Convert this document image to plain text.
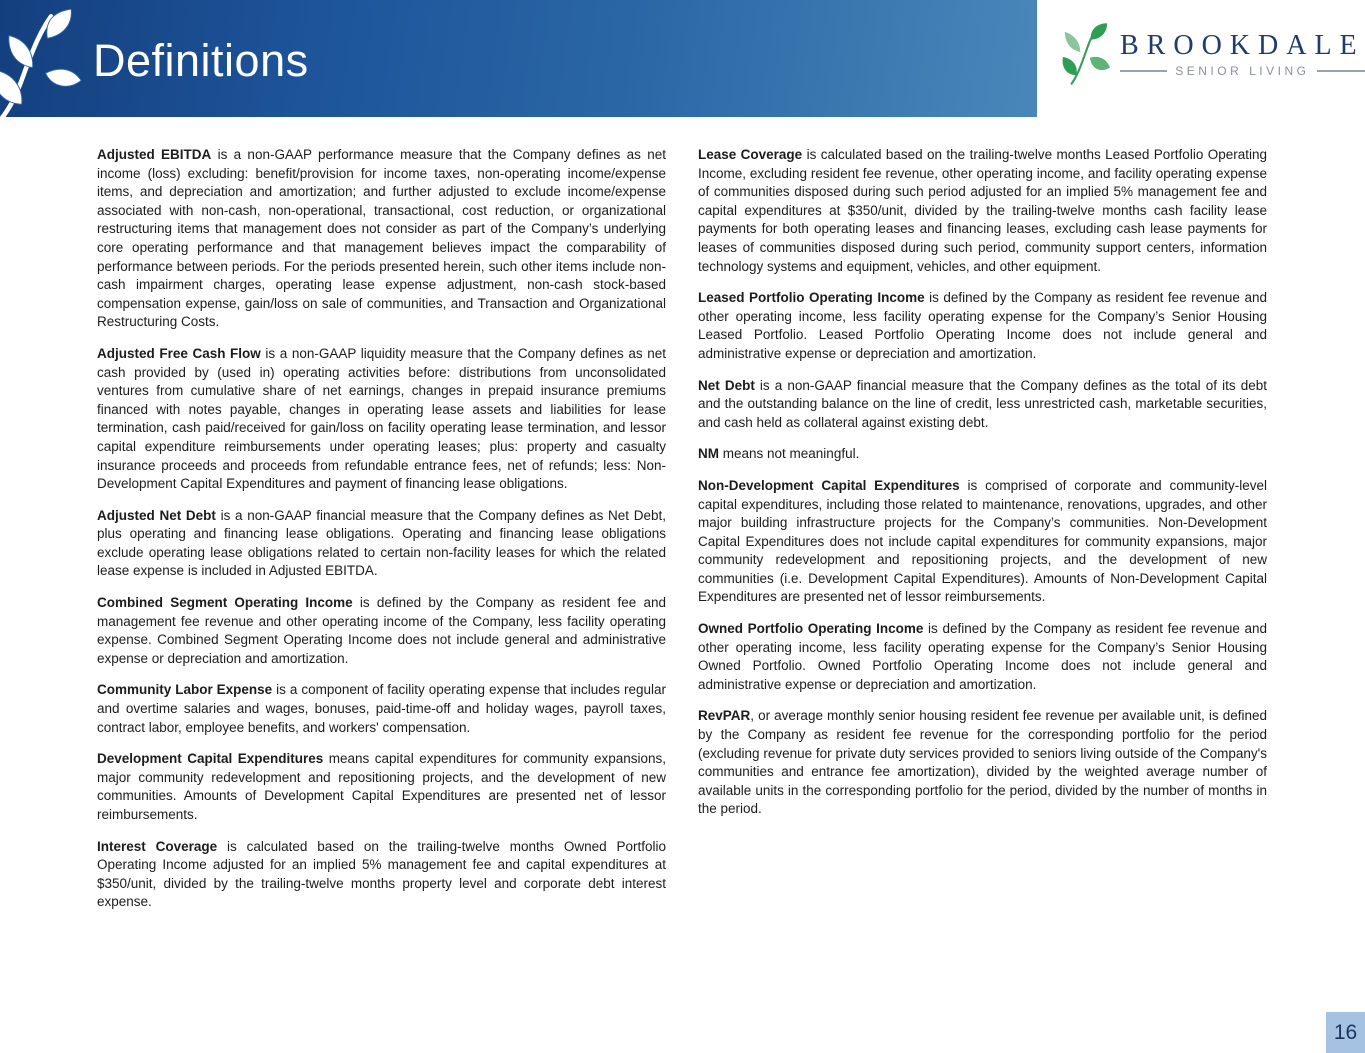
Definitions	BROOKDALE
SENIOR LIVING

Adjusted EBITDA is a non-GAAP performance measure that the Company defines as net income (loss) excluding: benefit/provision for income taxes, non-operating income/expense items, and depreciation and amortization; and further adjusted to exclude income/expense associated with non-cash, non-operational, transactional, cost reduction, or organizational restructuring items that management does not consider as part of the Company’s underlying core operating performance and that management believes impact the comparability of performance between periods. For the periods presented herein, such other items include non-cash impairment charges, operating lease expense adjustment, non-cash stock-based compensation expense, gain/loss on sale of communities, and Transaction and Organizational Restructuring Costs.

Adjusted Free Cash Flow is a non-GAAP liquidity measure that the Company defines as net cash provided by (used in) operating activities before: distributions from unconsolidated ventures from cumulative share of net earnings, changes in prepaid insurance premiums financed with notes payable, changes in operating lease assets and liabilities for lease termination, cash paid/received for gain/loss on facility operating lease termination, and lessor capital expenditure reimbursements under operating leases; plus: property and casualty insurance proceeds and proceeds from refundable entrance fees, net of refunds; less: Non-Development Capital Expenditures and payment of financing lease obligations.

Adjusted Net Debt is a non-GAAP financial measure that the Company defines as Net Debt, plus operating and financing lease obligations. Operating and financing lease obligations exclude operating lease obligations related to certain non-facility leases for which the related lease expense is included in Adjusted EBITDA.

Combined Segment Operating Income is defined by the Company as resident fee and management fee revenue and other operating income of the Company, less facility operating expense. Combined Segment Operating Income does not include general and administrative expense or depreciation and amortization.

Community Labor Expense is a component of facility operating expense that includes regular and overtime salaries and wages, bonuses, paid-time-off and holiday wages, payroll taxes, contract labor, employee benefits, and workers' compensation.

Development Capital Expenditures means capital expenditures for community expansions, major community redevelopment and repositioning projects, and the development of new communities. Amounts of Development Capital Expenditures are presented net of lessor reimbursements.

Interest Coverage is calculated based on the trailing-twelve months Owned Portfolio Operating Income adjusted for an implied 5% management fee and capital expenditures at $350/unit, divided by the trailing-twelve months property level and corporate debt interest expense.

Lease Coverage is calculated based on the trailing-twelve months Leased Portfolio Operating Income, excluding resident fee revenue, other operating income, and facility operating expense of communities disposed during such period adjusted for an implied 5% management fee and capital expenditures at $350/unit, divided by the trailing-twelve months cash facility lease payments for both operating leases and financing leases, excluding cash lease payments for leases of communities disposed during such period, community support centers, information technology systems and equipment, vehicles, and other equipment.

Leased Portfolio Operating Income is defined by the Company as resident fee revenue and other operating income, less facility operating expense for the Company’s Senior Housing Leased Portfolio. Leased Portfolio Operating Income does not include general and administrative expense or depreciation and amortization.

Net Debt is a non-GAAP financial measure that the Company defines as the total of its debt and the outstanding balance on the line of credit, less unrestricted cash, marketable securities, and cash held as collateral against existing debt.

NM means not meaningful.

Non-Development Capital Expenditures is comprised of corporate and community-level capital expenditures, including those related to maintenance, renovations, upgrades, and other major building infrastructure projects for the Company’s communities. Non-Development Capital Expenditures does not include capital expenditures for community expansions, major community redevelopment and repositioning projects, and the development of new communities (i.e. Development Capital Expenditures). Amounts of Non-Development Capital Expenditures are presented net of lessor reimbursements.

Owned Portfolio Operating Income is defined by the Company as resident fee revenue and other operating income, less facility operating expense for the Company’s Senior Housing Owned Portfolio. Owned Portfolio Operating Income does not include general and administrative expense or depreciation and amortization.

RevPAR, or average monthly senior housing resident fee revenue per available unit, is defined by the Company as resident fee revenue for the corresponding portfolio for the period (excluding revenue for private duty services provided to seniors living outside of the Company's communities and entrance fee amortization), divided by the weighted average number of available units in the corresponding portfolio for the period, divided by the number of months in the period.

16
